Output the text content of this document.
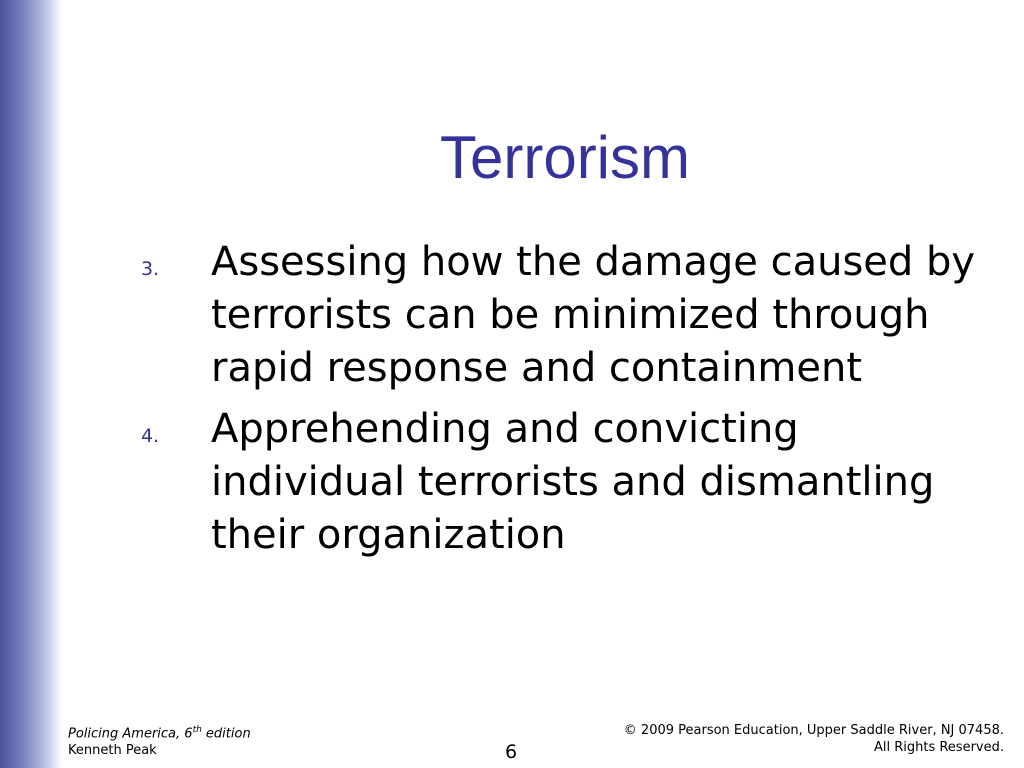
Terrorism
3. Assessing how the damage caused by terrorists can be minimized through rapid response and containment
4. Apprehending and convicting individual terrorists and dismantling their organization
Policing America, 6th edition
Kenneth Peak	6
© 2009 Pearson Education, Upper Saddle River, NJ 07458.
All Rights Reserved.
